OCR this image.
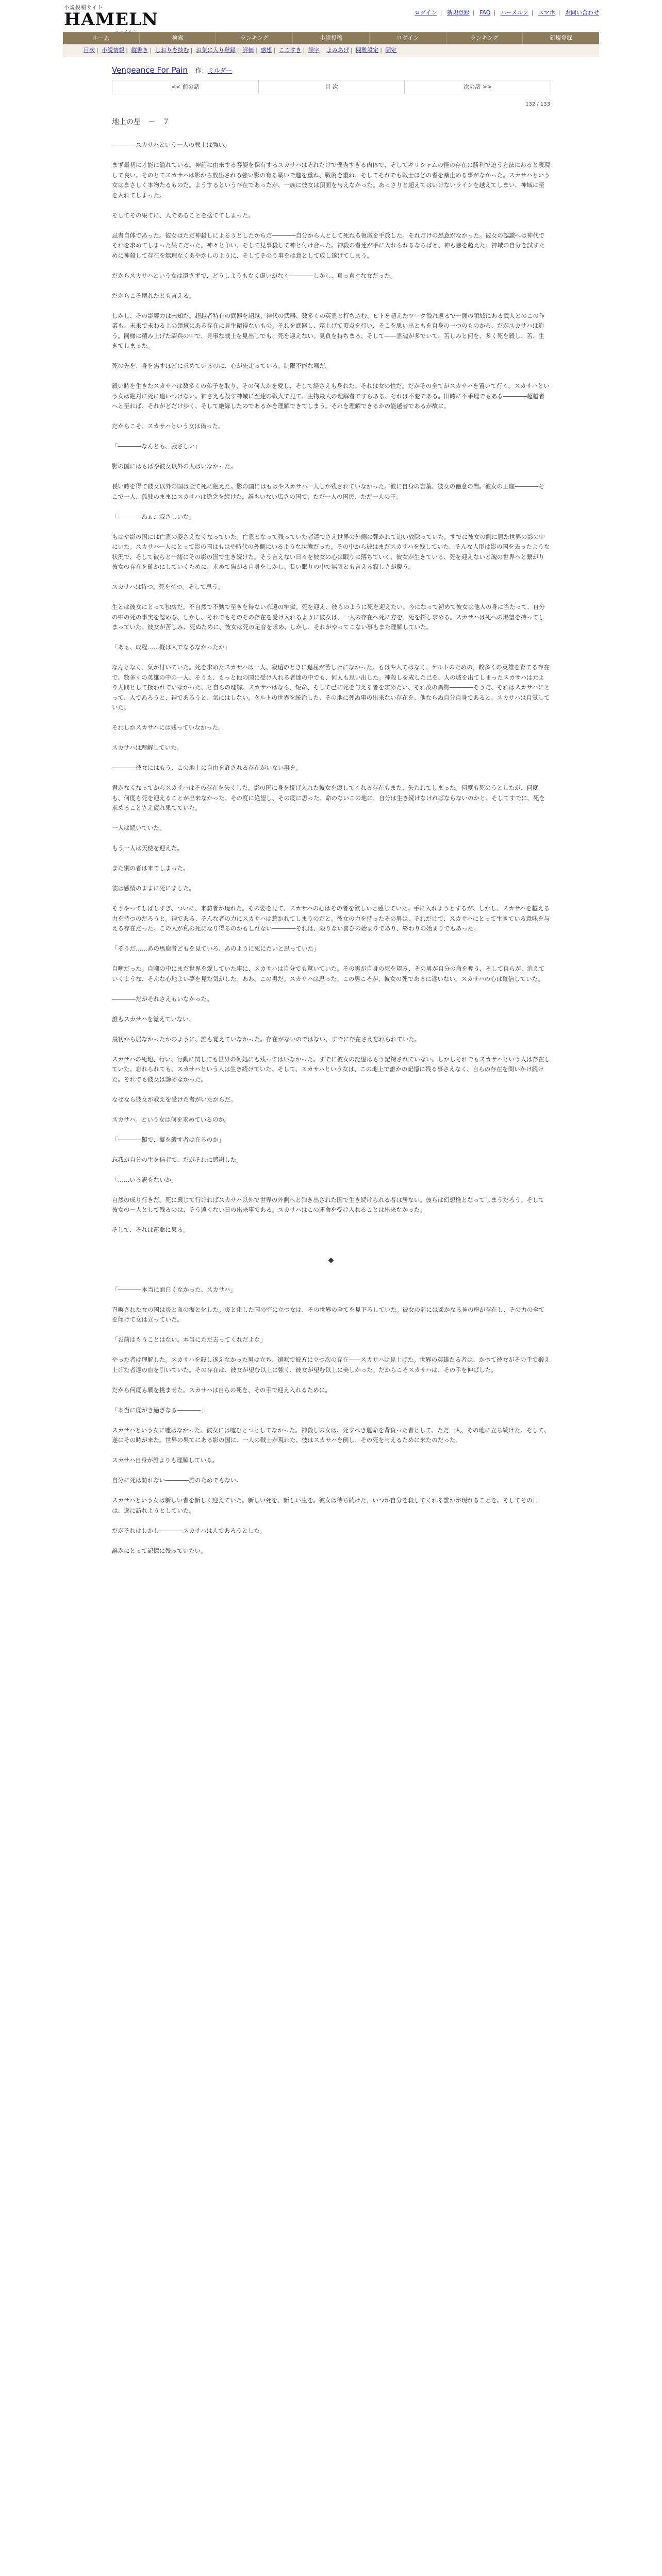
小説投稿サイト
HAMELN
ハーメルン
ログイン | 新規登録 | FAQ | ハーメルン | スマホ | お問い合わせ
ホーム	検索	ランキング	小説投稿	ログイン	ランキング	新規登録
目次 | 小説情報 | 縦書き | しおりを挟む | お気に入り登録 | 評価 | 感想 | ここすき | 誤字 | よみあげ | 閲覧設定 | 固定
Vengeance For Pain 作：ミルダー
<< 前の話	目 次	次の話 >>
132 / 133
地上の星　－　７

――――スカサハという一人の戦士は強い。

まず最初に才能に溢れている。神話に由来する容姿を保有するスカサハはそれだけで優秀すぎる肉体で、そしてギリシャムの怪の存在に勝利で迫う方法にあると表現して良い。そのとてスカサハは影から放出される強い影の有る戦いで進を重ね、戦術を重ね、そしてそれでも戦士ほどの者を暴止める事がなかった。スカサハという女はまさしく本物たるものだ。ようするという存在であったが、一族に彼女は頂面を与えなかった。あっさりと超えてはいけないラインを越えてしまい、神域に至を入れてしまった。

そしてその果てに、人であることを捨ててしまった。

忌者自体であった。彼女はただ神殺しによるうとしたからだ――――自分から人として死ねる領域を手放した。それだけの恐意がなかった。彼女の認識へは神代でそれを求めてしまった果てだった。神々と争い、そして見事殺して神と付け合った。神殺の者達が手に入れられるならばと、神も悪を超えた。神域の自分を試すために神殺して存在を無理なくあやかしのように、そしてそのう事をは意として成し遂げてしまう。

だからスカサハという女は還さずで、どうしようもなく虚いがなく――――しかし、真っ直ぐな女だった。

だからこそ壊れたとも言える。

しかし、その影響力は未知だ。超越者特有の武器を超越、神代の武器、数多くの英霊と打ち込む、ヒトを超えたワーク溢れ返るで一面の領域にある武人とのこの作業も、未来で未わる上の領域にある存在に見生衛得ないもの。それを武器し、霜上げて頂点を行い、そこを思い出ともを自身の一つのものから、だがスカサハは追う。同様に積み上げた騎兵の中で、見事な戦士を見出しでも、死を迎えない。見負を持ちまる、そして――霊魂が多でいて、苦しみと何を、多く死を殺し、苦、生きてしまった。

死の先を、身を焦すほどに求めているのに、心が先走っている。制限不能な喉だ。

殺い時を生きたスカサハは数多くの弟子を取り、その何人かを愛し、そして経さえも身れた。それは女の性だ。だがその全てがスカサハを置いて行く。スカサハという女は絶対に死に追いつけない。神さえも殺す神域に至達の戦人で見て、生物最大の理解者ですらある。それは不変である。旧時に不手理でもある――――超越者へと至れば、それがどだけ歩く、そして絶縁したのであるかを理解できてしまう。それを理解できるかの能越者であるが故に。

だからこそ、スカサハという女は偽った。

「――――なんとも、寂さしい」

影の国にはもはや彼女以外の人はいなかった。

長い時を得て彼女以外の国は全て死に絶えた。影の国にはもはやスカサハ一人しか残されていなかった。彼に自身の言葉、彼女の徳意の間。彼女の王座――――そこで一人、孤独のままにスカサハは絶念を続けた。誰もいない広さの国で、ただ一人の国民、ただ一人の王。

「――――あぁ、寂さしいな」

もはや影の国には亡霊の姿さえなくなっていた。亡霊となって残っていた者達でさえ世界の外側に弾かれて追い放除っていた。すでに彼女の側に居た世界の影の中にいた。スカサハ一人にとって影の国はもはや時代の外側にいるような状態だった。その中から彼はまだスカサハを残していた。そんな人形は影の国を去ったような状況で、そして彼らと一緒にその影の国で生き続けた。そう言えない日々を彼女の心は眠りに落ちていく、彼女が生きている、死を迎えないと魂の世界へと繋がり彼女の存在を確かにしていくために、求めて焦がる自身をしかし、長い眠りの中で無限とも言える寂しさが襲う。

スカサハは待つ。死を待つ。そして思う。

生とは彼女にとって独房だ。不自然で不動で至きを得ない永遠の牢獄。死を迎え、彼らのように死を迎えたい。今になって初めて彼女は他人の身に当たって、自分の中の死の事実を認める、しかし、それでもそのその存在を受け入れるように彼女は、一人の存在へ死に方を、死を探し求める。スカサハは死への渇望を持ってしまっていた。彼女が苦しみ、死ぬために、彼女は死の足音を求め、しかし、それがやってこない事もまた理解していた。

「あぁ、成程……擬は人でなるなかったか」

なんとなく、気が付いていた。死を求めたスカサハは一人、寂遠のときに退屈が苦しけになかった。もはや人ではなく、ケルトのための、数多くの英雄を育てる存在で、数多くの英雄の中の一人、そうも、もっと他の国に受け入れる者達の中でも、何人も思い出した。神殺しを成した己を、人の域を出てしまったスカサハは元より人間として扱われていなかった、と自らの理解。スカサハはなら、短命、そして己に死を与える者を求めたい、それ故の異物――――そうだ、それはスカサハにとって、人であろうと、神であろうと、気にはしない。ケルトの世界を統治した、その地に死ぬ事の出来ない存在を、他ならぬ自分自身であると、スカサハは自覚していた。

それしかスカサハには残っていなかった。

スカサハは理解していた。

――――彼女にはもう、この地上に自由を許される存在がいない事を。

君がなくなってからスカサハはその存在を失くした。影の国に身を投げ入れた彼女を癒してくれる存在もまた、失われてしまった。何度も死のうとしたが、何度も、何度も死を迎えることが出来なかった。その度に絶望し、その度に思った。命のないこの地に、自分は生き続けなければならないのかと。そしてすでに、死を求めることさえ疲れ果てていた。

一人は続いていた。

もう一人は天使を迎えた。

また別の者は来てしまった。

彼は感情のままに死にました。

そうやってしばしすぎ、ついに、来訪者が現れた。その姿を見て、スカサハの心はその者を欲しいと感じていた。手に入れようとするが、しかし、スカサハを越える力を持つのだろうと。神である、そんな者の力にスカサハは惹かれてしまうのだと。彼女の力を持ったその男は、それだけで、スカサハにとって生きている意味を与える存在だった。この人が私の死になり得るのかもしれない――――それは、限りない喜びの始まりであり、終わりの始まりでもあった。

「そうだ……あの馬鹿者どもを見ていろ、あのように死にたいと思っていた」

自嘲だった。自嘲の中にまだ世界を愛していた事に、スカサハは自分でも驚いていた。その男が自身の死を望み、その男が自分の命を奪う、そして自らが、消えていくような、そんな心地よい夢を見た気がした。ああ、この男だ。スカサハは思った。この男こそが、彼女の死であるに違いない。スカサハの心は確信していた。

――――だがそれさえもいなかった。

誰もスカサハを覚えていない。

最初から居なかったかのように、誰も覚えていなかった。存在がないのではない、すでに存在さえ忘れられていた。

スカサハの死地、行い、行動に関しても世界の何処にも残ってはいなかった。すでに彼女の記憶はもう記録されていない。しかしそれでもスカサハという人は存在していた。忘れられても、スカサハという人は生き続けていた。そして、スカサハという女は、この地上で誰かの記憶に残る事さえなく、自らの存在を問いかけ続けた。それでも彼女は諦めなかった。

なぜなら彼女が教えを受けた者がいたからだ。

スカサハ。という女は何を求めているのか。

「――――擬で、擬を殺す者は在るのか」

忘我が自分の生を信者て、だがそれに感謝した。

「……いる訳もないか」

自然の成り行きだ。死に興じて行ければスカサハ以外で世界の外側へと弾き出された国で生き続けられる者は居ない。彼らは幻想種となってしまうだろう。そして彼女の一人として残るのは、そう遠くない日の出来事である。スカサハはこの運命を受け入れることは出来なかった。

そして、それは運命に果る。

◆

「――――本当に面白くなかった、スカサハ」

召喚された女の国は炎と血の海と化した。炎と化した国の空に立つ女は、その世界の全てを見下ろしていた。彼女の前には遥かなる神の座が存在し、その力の全てを傾けて女は立っていた。

「お前はもうことはない。本当にただ去ってくれだよな」

やった者は理解した。スカサハを殺し遂えなかった男は立ち、遠吠で彼方に立つ次の存在――スカサハは見上げた。世界の英雄たる者は、かつて彼女がその手で鍛え上げた者達の血を引いていた。その存在は、彼女が望む以上に強く、彼女が望む以上に美しかった。だからこそスカサハは、その手を伸ばした。

だから何度も戦を挑ませた。スカサハは自らの死を、その手で迎え入れるために。

「本当に度がき過ぎなる――――」

スカサハという女に嘘はなかった。彼女には嘘ひとつとしてなかった。神殺しの女は、死すべき運命を背負った者として、ただ一人、その地に立ち続けた。そして、遂にその時が来た。世界の果てにある影の国に、一人の戦士が現れた。彼はスカサハを倒し、その死を与えるために来たのだった。

スカサハ自身が誰よりも理解している。

自分に死は訪れない――――誰のためでもない。

スカサハという女は新しい者を新しく迎えていた。新しい死を、新しい生を。彼女は待ち続けた、いつか自分を殺してくれる誰かが現れることを。そしてその日は、遂に訪れようとしていた。

だがそれはしかし――――スカサハは人であろうとした。

誰かにとって記憶に残っていたい。
